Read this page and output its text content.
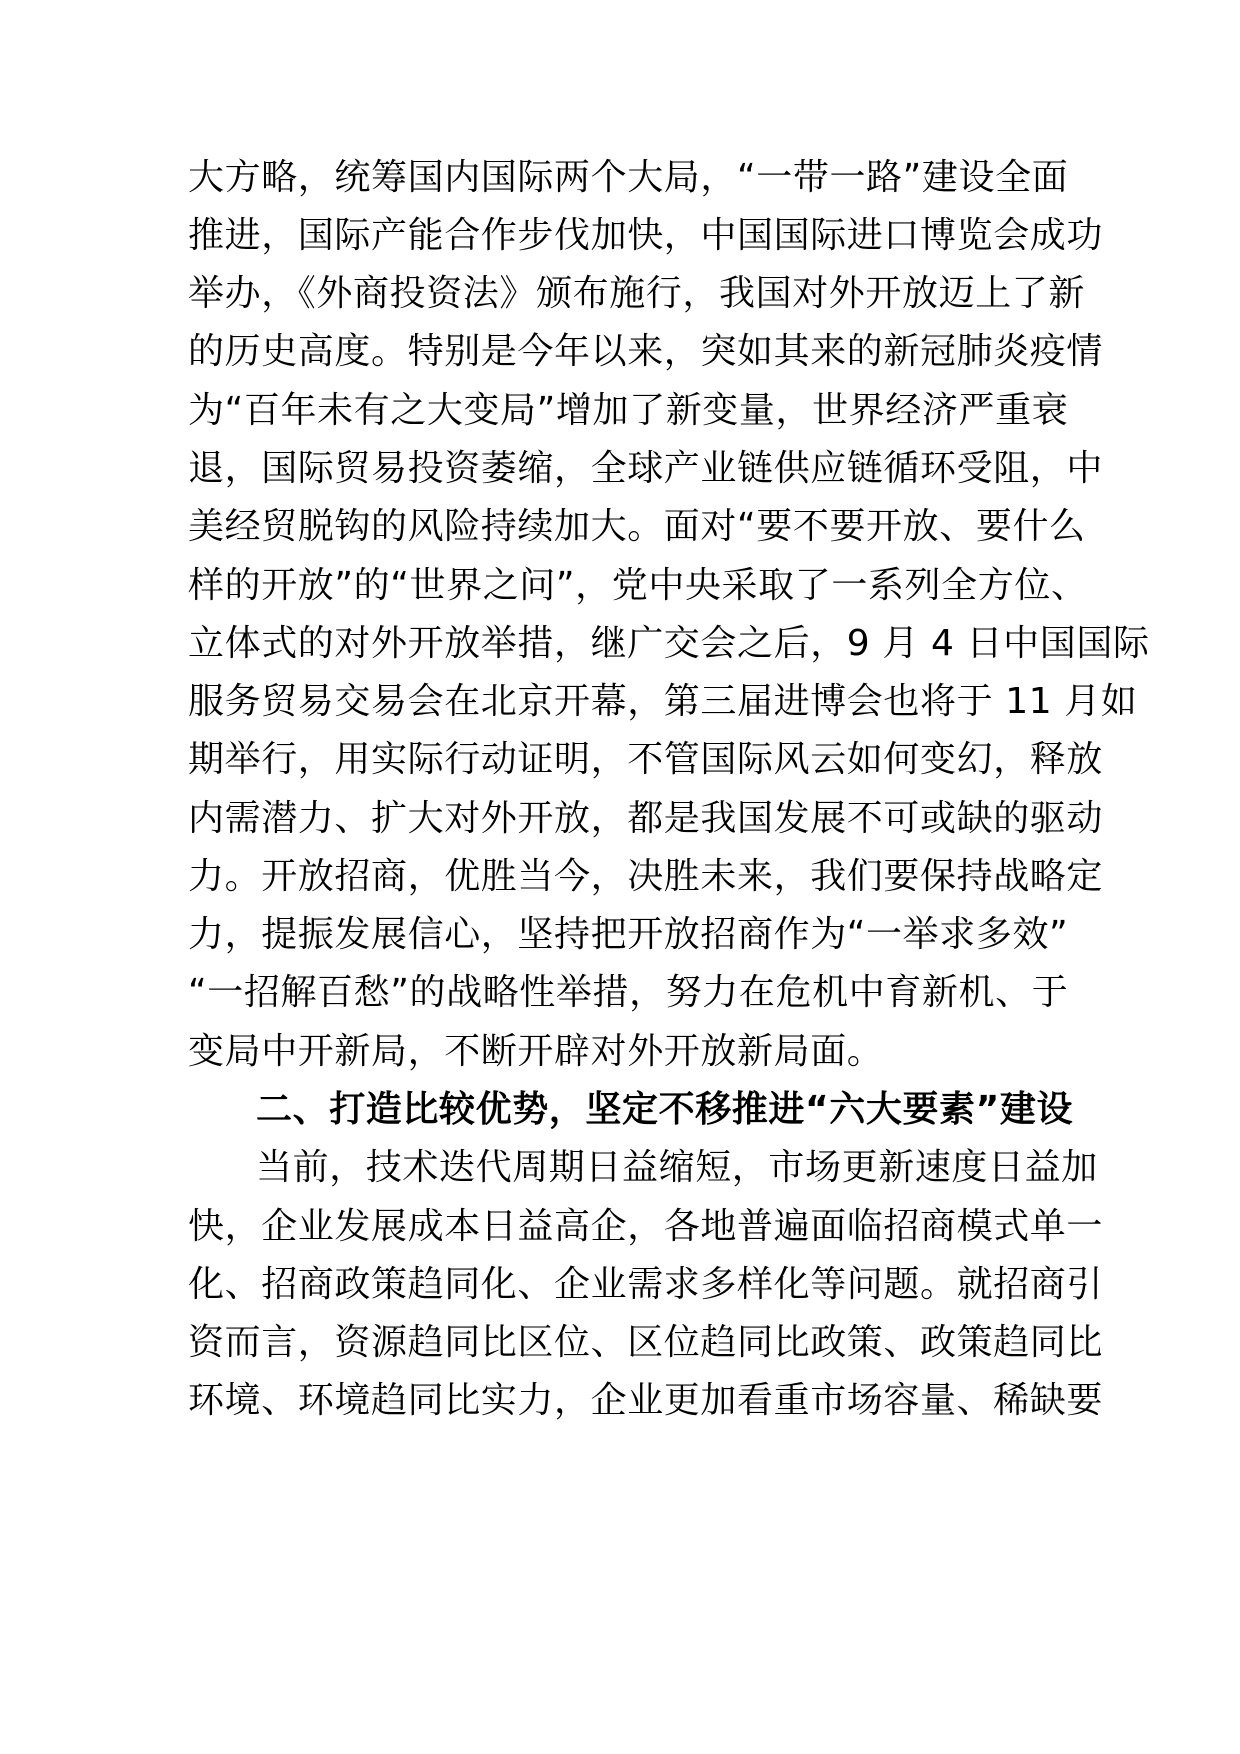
大方略，统筹国内国际两个大局，“一带一路”建设全面
推进，国际产能合作步伐加快，中国国际进口博览会成功
举办，《外商投资法》颁布施行，我国对外开放迈上了新
的历史高度。特别是今年以来，突如其来的新冠肺炎疫情
为“百年未有之大变局”增加了新变量，世界经济严重衰
退，国际贸易投资萎缩，全球产业链供应链循环受阻，中
美经贸脱钩的风险持续加大。面对“要不要开放、要什么
样的开放”的“世界之问”，党中央采取了一系列全方位、
立体式的对外开放举措，继广交会之后，9 月 4 日中国国际
服务贸易交易会在北京开幕，第三届进博会也将于 11 月如
期举行，用实际行动证明，不管国际风云如何变幻，释放
内需潜力、扩大对外开放，都是我国发展不可或缺的驱动
力。开放招商，优胜当今，决胜未来，我们要保持战略定
力，提振发展信心，坚持把开放招商作为“一举求多效”
“一招解百愁”的战略性举措，努力在危机中育新机、于
变局中开新局，不断开辟对外开放新局面。
二、打造比较优势，坚定不移推进“六大要素”建设
当前，技术迭代周期日益缩短，市场更新速度日益加
快，企业发展成本日益高企，各地普遍面临招商模式单一
化、招商政策趋同化、企业需求多样化等问题。就招商引
资而言，资源趋同比区位、区位趋同比政策、政策趋同比
环境、环境趋同比实力，企业更加看重市场容量、稀缺要
